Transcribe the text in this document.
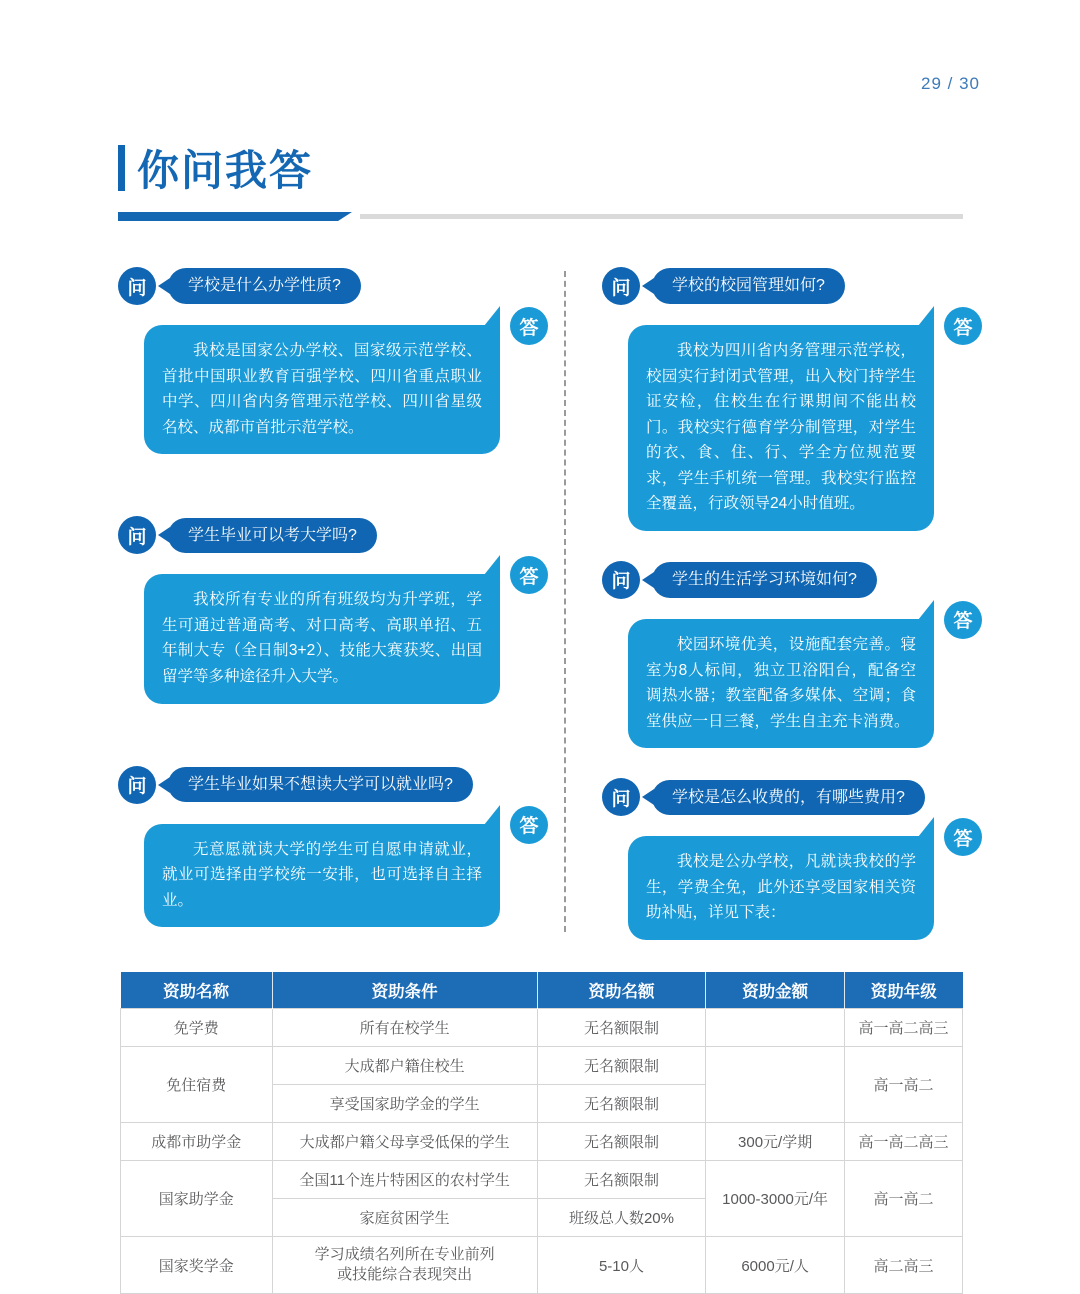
29 / 30
你问我答
问	学校是什么办学性质?
我校是国家公办学校、国家级示范学校、首批中国职业教育百强学校、四川省重点职业中学、四川省内务管理示范学校、四川省星级名校、成都市首批示范学校。
答
问	学生毕业可以考大学吗?
我校所有专业的所有班级均为升学班，学生可通过普通高考、对口高考、高职单招、五年制大专（全日制3+2）、技能大赛获奖、出国留学等多种途径升入大学。
答
问	学生毕业如果不想读大学可以就业吗?
无意愿就读大学的学生可自愿申请就业，就业可选择由学校统一安排，也可选择自主择业。
答
问	学校的校园管理如何?
我校为四川省内务管理示范学校，校园实行封闭式管理，出入校门持学生证安检，住校生在行课期间不能出校门。我校实行德育学分制管理，对学生的衣、食、住、行、学全方位规范要求，学生手机统一管理。我校实行监控全覆盖，行政领导24小时值班。
答
问	学生的生活学习环境如何?
校园环境优美，设施配套完善。寝室为8人标间，独立卫浴阳台，配备空调热水器；教室配备多媒体、空调；食堂供应一日三餐，学生自主充卡消费。
答
问	学校是怎么收费的，有哪些费用?
我校是公办学校，凡就读我校的学生，学费全免，此外还享受国家相关资助补贴，详见下表：
答
资助名称	资助条件	资助名额	资助金额	资助年级
免学费	所有在校学生	无名额限制		高一高二高三
免住宿费	大成都户籍住校生	无名额限制		高一高二
	享受国家助学金的学生	无名额限制		
成都市助学金	大成都户籍父母享受低保的学生	无名额限制	300元/学期	高一高二高三
国家助学金	全国11个连片特困区的农村学生	无名额限制	1000-3000元/年	高一高二
	家庭贫困学生	班级总人数20%		
国家奖学金	学习成绩名列所在专业前列
或技能综合表现突出	5-10人	6000元/人	高二高三
